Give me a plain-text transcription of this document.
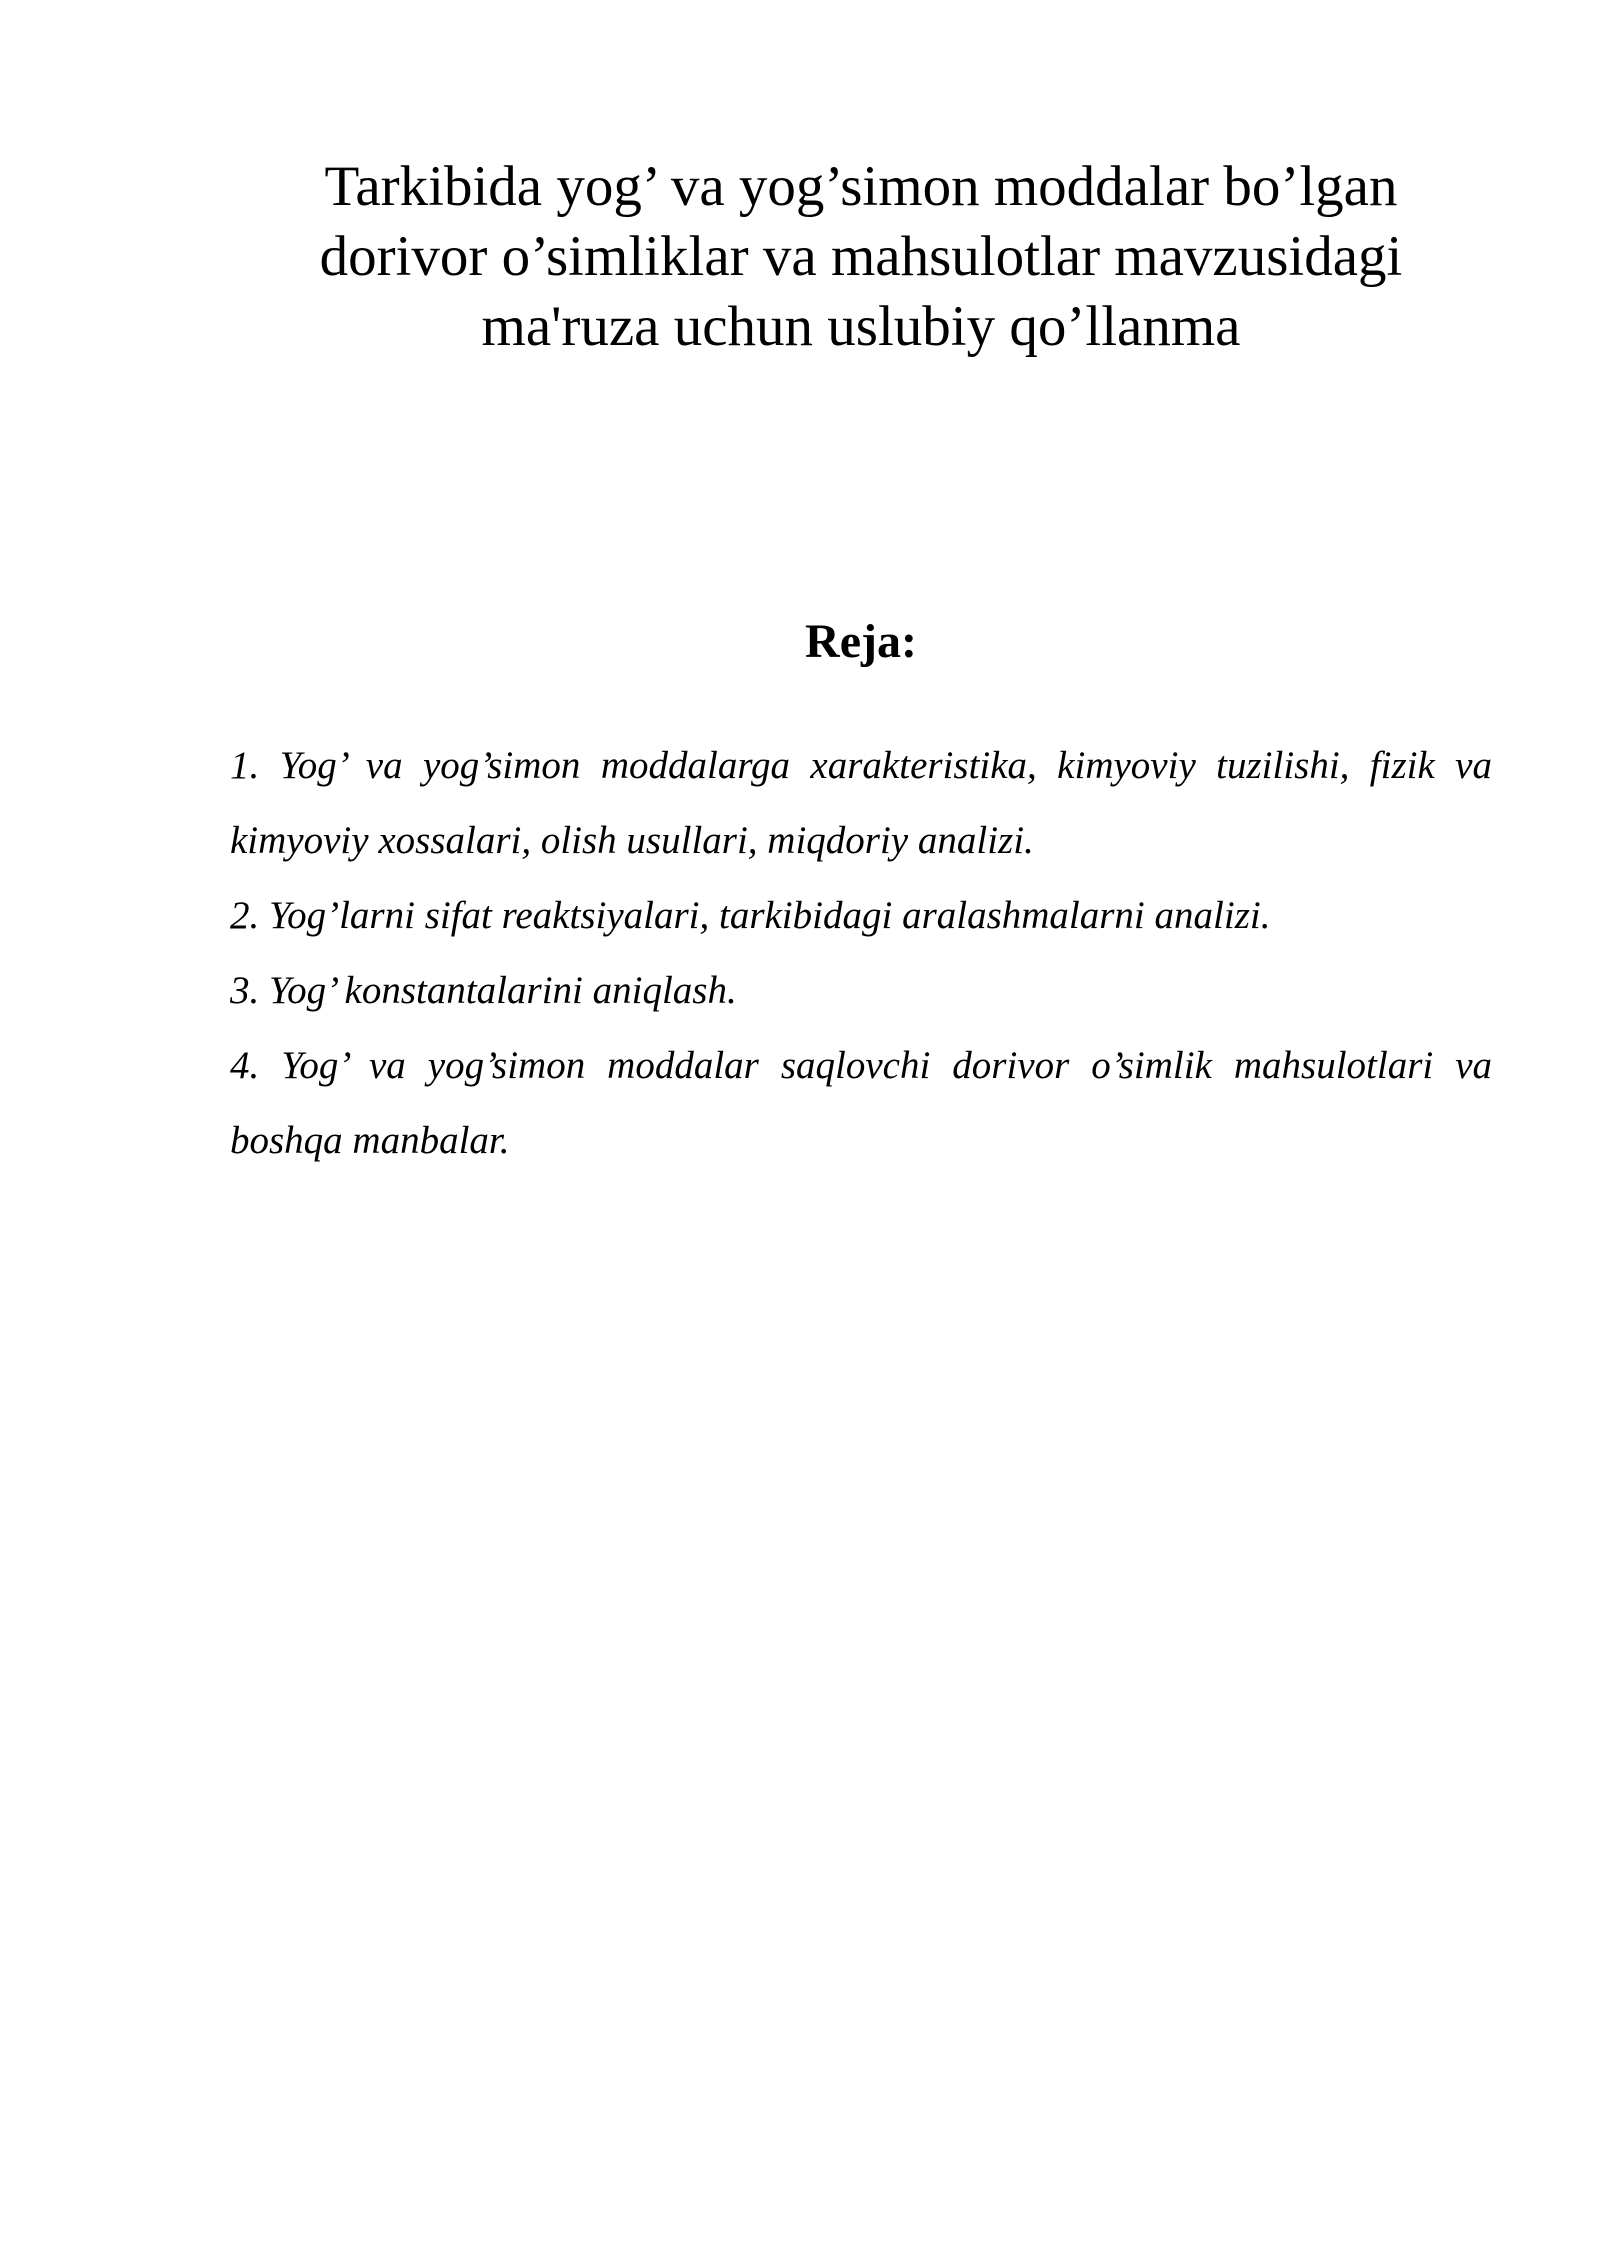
Tarkibida yog’ va yog’simon moddalar bo’lgan
dorivor o’simliklar va mahsulotlar mavzusidagi
ma'ruza uchun uslubiy qo’llanma
Reja:
1. Yog’ va yog’simon moddalarga xarakteristika, kimyoviy tuzilishi, fizik va kimyoviy xossalari, olish usullari, miqdoriy analizi.
2. Yog’larni sifat reaktsiyalari, tarkibidagi aralashmalarni analizi.
3. Yog’ konstantalarini aniqlash.
4. Yog’ va yog’simon moddalar saqlovchi dorivor o’simlik mahsulotlari va boshqa manbalar.
